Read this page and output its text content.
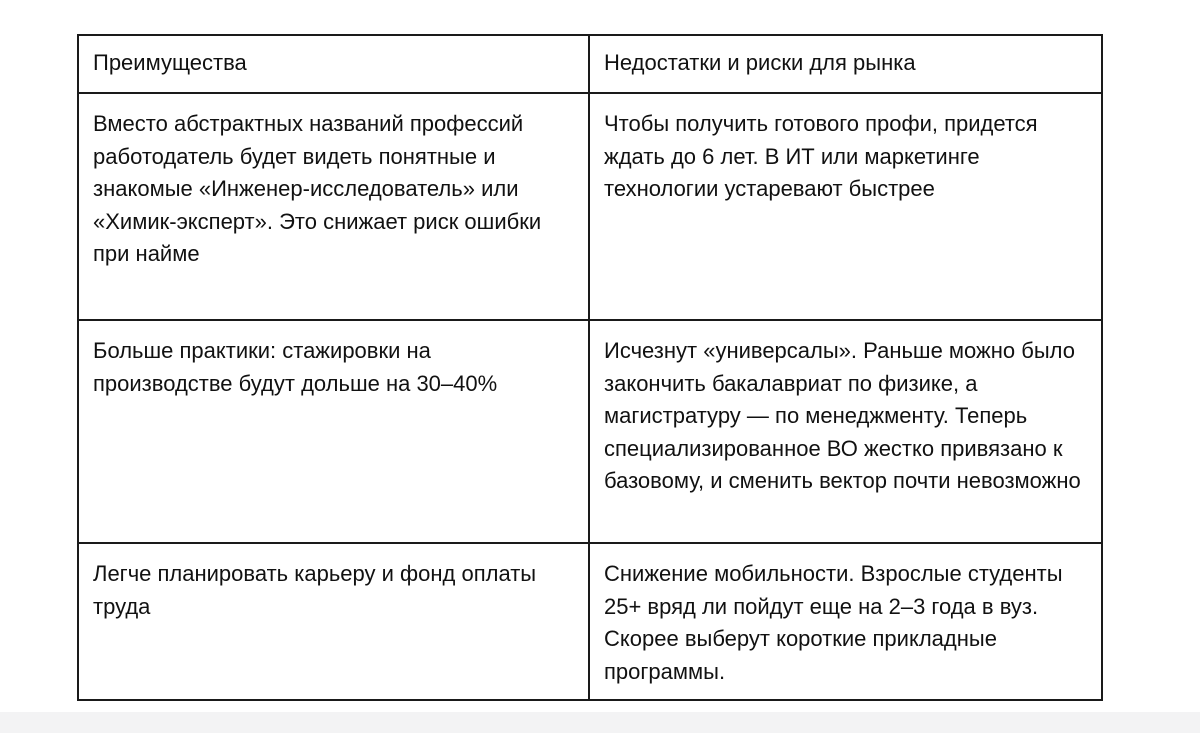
Преимущества	Недостатки и риски для рынка
Вместо абстрактных названий профессий работодатель будет видеть понятные и знакомые «Инженер-исследователь» или «Химик-эксперт». Это снижает риск ошибки при найме	Чтобы получить готового профи, придется ждать до 6 лет. В ИТ или маркетинге технологии устаревают быстрее
Больше практики: стажировки на производстве будут дольше на 30–40%	Исчезнут «универсалы». Раньше можно было закончить бакалавриат по физике, а магистратуру — по менеджменту. Теперь специализированное ВО жестко привязано к базовому, и сменить вектор почти невозможно
Легче планировать карьеру и фонд оплаты труда	Снижение мобильности. Взрослые студенты 25+ вряд ли пойдут еще на 2–3 года в вуз. Скорее выберут короткие прикладные программы.
